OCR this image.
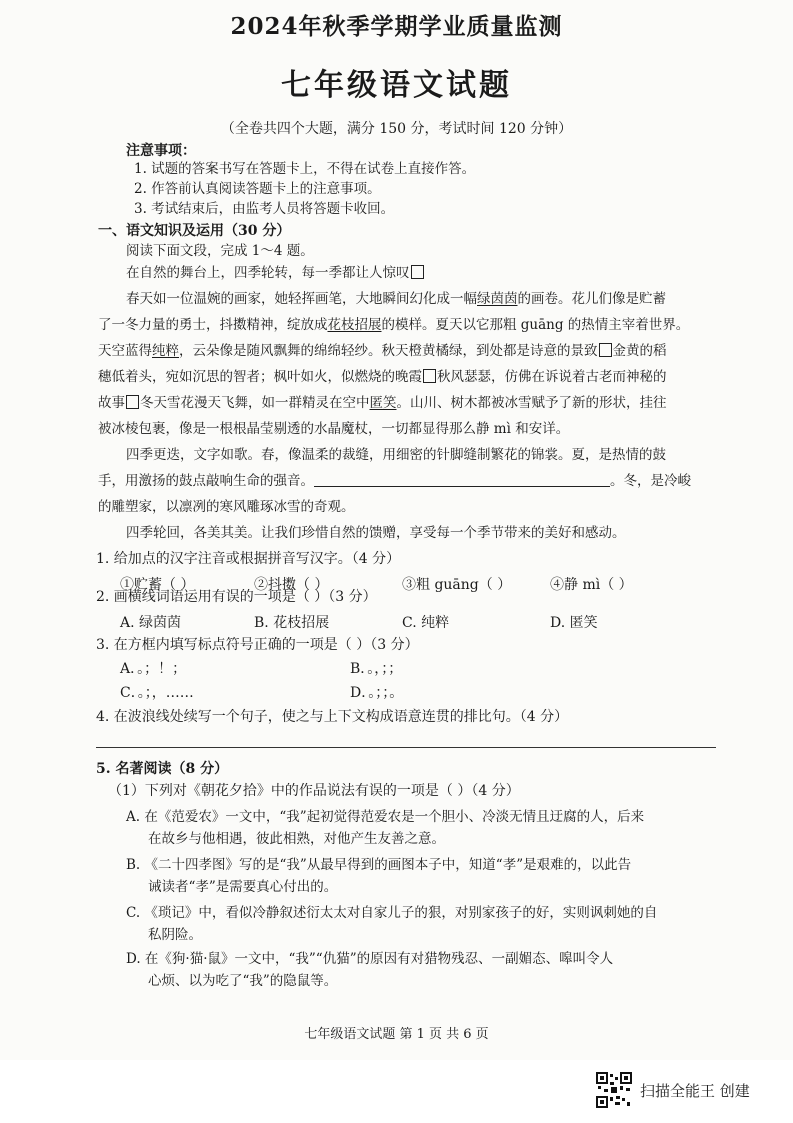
2024年秋季学期学业质量监测
七年级语文试题
（全卷共四个大题，满分 150 分，考试时间 120 分钟）
注意事项：
1. 试题的答案书写在答题卡上，不得在试卷上直接作答。
2. 作答前认真阅读答题卡上的注意事项。
3. 考试结束后，由监考人员将答题卡收回。
一、语文知识及运用（30 分）
阅读下面文段，完成 1～4 题。
在自然的舞台上，四季轮转，每一季都让人惊叹
春天如一位温婉的画家，她轻挥画笔，大地瞬间幻化成一幅绿茵茵的画卷。花儿们像是贮蓄
了一冬力量的勇士，抖擞精神，绽放成花枝招展的模样。夏天以它那粗 guāng 的热情主宰着世界。
天空蓝得纯粹，云朵像是随风飘舞的绵绵轻纱。秋天橙黄橘绿，到处都是诗意的景致 金黄的稻
穗低着头，宛如沉思的智者；枫叶如火，似燃烧的晚霞 秋风瑟瑟，仿佛在诉说着古老而神秘的
故事 冬天雪花漫天飞舞，如一群精灵在空中匿笑。山川、树木都被冰雪赋予了新的形状，挂往
被冰棱包裹，像是一根根晶莹剔透的水晶魔杖，一切都显得那么静 mì 和安详。
四季更迭，文字如歌。春，像温柔的裁缝，用细密的针脚缝制繁花的锦裳。夏，是热情的鼓
手，用激扬的鼓点敲响生命的强音。	。冬，是冷峻
的雕塑家，以凛冽的寒风雕琢冰雪的奇观。
四季轮回，各美其美。让我们珍惜自然的馈赠，享受每一个季节带来的美好和感动。
1. 给加点的汉字注音或根据拼音写汉字。（4 分）
①贮蓄（ ）	②抖擞（ ）	③粗 guāng（ ）	④静 mì（ ）
2. 画横线词语运用有误的一项是（ ）（3 分）
A. 绿茵茵	B. 花枝招展	C. 纯粹	D. 匿笑
3. 在方框内填写标点符号正确的一项是（ ）（3 分）
A．。；！；	B．。，；；
C．。；，……	D．。；；。
4. 在波浪线处续写一个句子，使之与上下文构成语意连贯的排比句。（4 分）
5. 名著阅读（8 分）
（1）下列对《朝花夕拾》中的作品说法有误的一项是（ ）（4 分）
A. 在《范爱农》一文中，“我”起初觉得范爱农是一个胆小、冷淡无情且迂腐的人，后来
在故乡与他相遇，彼此相熟，对他产生友善之意。
B. 《二十四孝图》写的是“我”从最早得到的画图本子中，知道“孝”是艰难的，以此告
诫读者“孝”是需要真心付出的。
C. 《琐记》中，看似冷静叙述衍太太对自家儿子的狠，对别家孩子的好，实则讽刺她的自
私阴险。
D. 在《狗·猫·鼠》一文中，“我”“仇猫”的原因有对猎物残忍、一副媚态、嗥叫令人
心烦、以为吃了“我”的隐鼠等。
七年级语文试题 第 1 页 共 6 页
扫描全能王 创建
